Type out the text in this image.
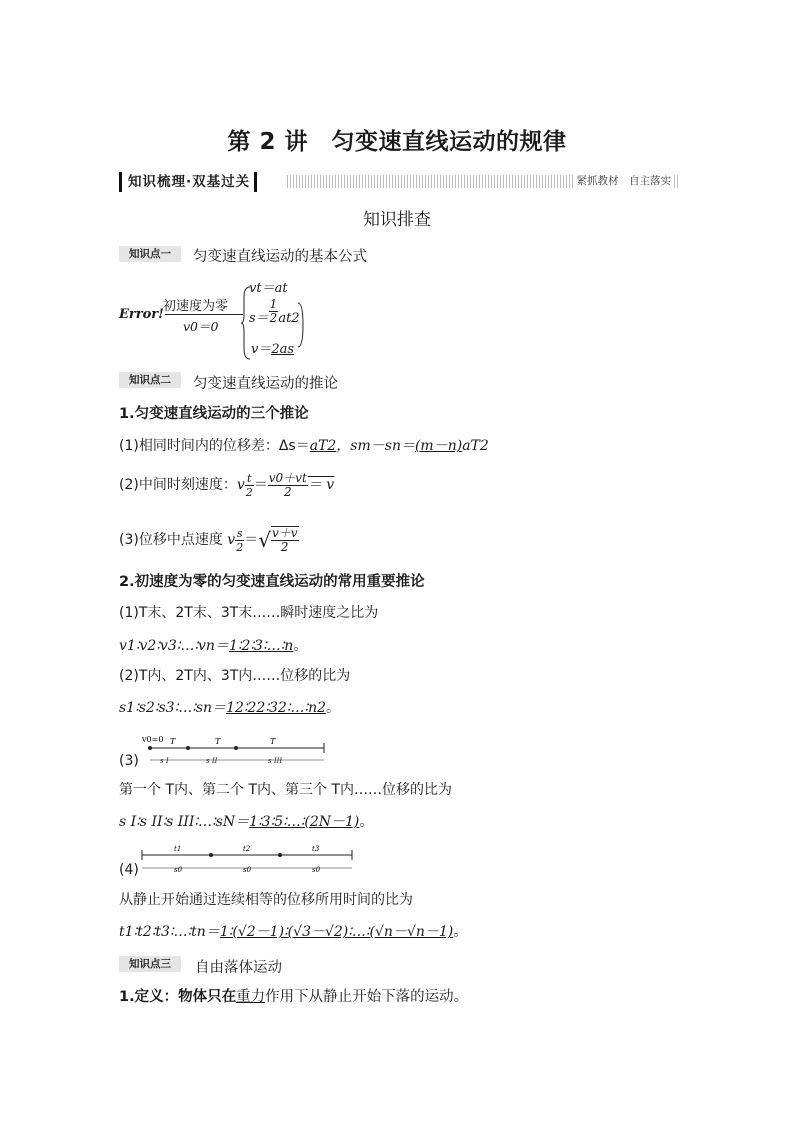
第 2 讲　匀变速直线运动的规律
知识梳理·双基过关	紧抓教材　自主落实
知识排查
知识点一	匀变速直线运动的基本公式
Error!
初速度为零
v0＝0
vt＝at
$s= \frac{1}{2} at2$
v＝2as
知识点二	匀变速直线运动的推论
1.匀变速直线运动的三个推论
(1)相同时间内的位移差：Δs＝aT2，sm－sn＝(m－n)aT2
(2)中间时刻速度：v $\frac{t}{2} = \frac{v0+vt}{2} = v$
(3)位移中点速度 v $\frac{s}{2}$ ＝√ $\frac{v+v}{2}$
2.初速度为零的匀变速直线运动的常用重要推论
(1)T末、2T末、3T末……瞬时速度之比为
v1∶v2∶v3∶…∶vn＝1∶2∶3∶…∶n。
(2)T内、2T内、3T内……位移的比为
s1∶s2∶s3∶…∶sn＝12∶22∶32∶…∶n2。
(3)
v0=0 T	T	T
s I	s II	s III
第一个 T内、第二个 T内、第三个 T内……位移的比为
s I∶s II∶s III∶…∶sN＝1∶3∶5∶…∶(2N－1)。
(4)
t1	t2	t3
s0	s0	s0
从静止开始通过连续相等的位移所用时间的比为
t1∶t2∶t3∶…∶tn＝1∶(√2－1)∶(√3－√2)∶…∶(√n－√n－1)。
知识点三	自由落体运动
1.定义：物体只在重力作用下从静止开始下落的运动。
